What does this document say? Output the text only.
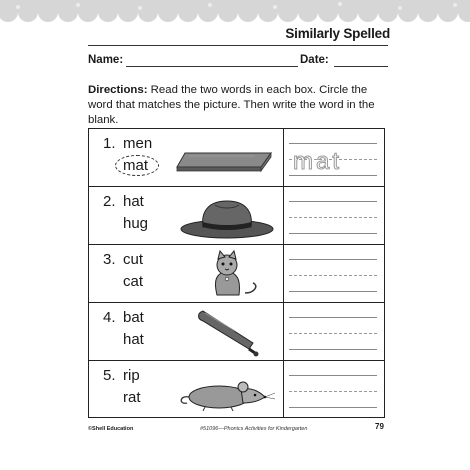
Similarly Spelled
Name:	Date:
Directions: Read the two words in each box. Circle the word that matches the picture. Then write the word in the blank.
1. men
mat	mat
2. hat
hug
3. cut
cat
4. bat
hat
5. rip
rat
©Shell Education	#51096—Phonics Activities for Kindergarten	79
